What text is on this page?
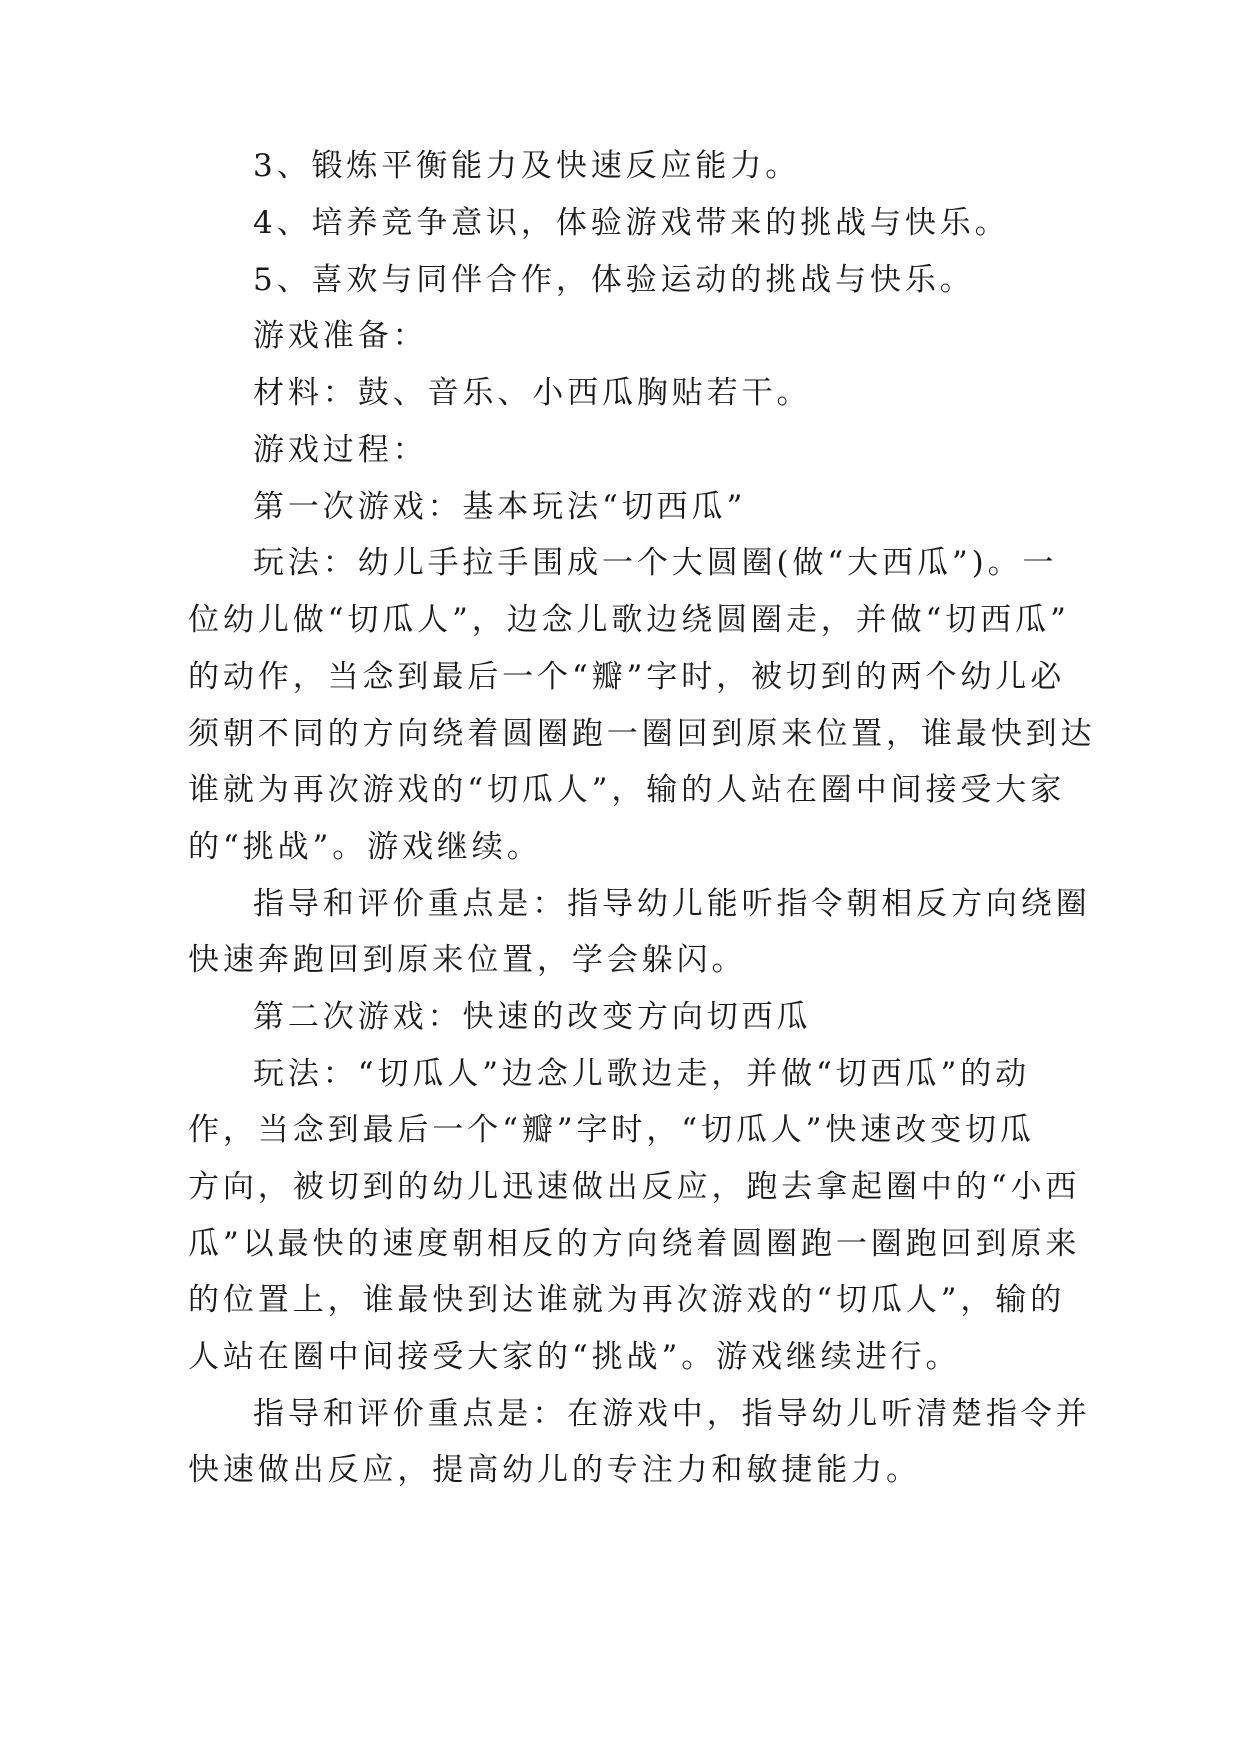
3、锻炼平衡能力及快速反应能力。
4、培养竞争意识，体验游戏带来的挑战与快乐。
5、喜欢与同伴合作，体验运动的挑战与快乐。
游戏准备：
材料：鼓、音乐、小西瓜胸贴若干。
游戏过程：
第一次游戏：基本玩法“切西瓜”
玩法：幼儿手拉手围成一个大圆圈(做“大西瓜”)。一
位幼儿做“切瓜人”，边念儿歌边绕圆圈走，并做“切西瓜”
的动作，当念到最后一个“瓣”字时，被切到的两个幼儿必
须朝不同的方向绕着圆圈跑一圈回到原来位置，谁最快到达
谁就为再次游戏的“切瓜人”，输的人站在圈中间接受大家
的“挑战”。游戏继续。
指导和评价重点是：指导幼儿能听指令朝相反方向绕圈
快速奔跑回到原来位置，学会躲闪。
第二次游戏：快速的改变方向切西瓜
玩法：“切瓜人”边念儿歌边走，并做“切西瓜”的动
作，当念到最后一个“瓣”字时，“切瓜人”快速改变切瓜
方向，被切到的幼儿迅速做出反应，跑去拿起圈中的“小西
瓜”以最快的速度朝相反的方向绕着圆圈跑一圈跑回到原来
的位置上，谁最快到达谁就为再次游戏的“切瓜人”，输的
人站在圈中间接受大家的“挑战”。游戏继续进行。
指导和评价重点是：在游戏中，指导幼儿听清楚指令并
快速做出反应，提高幼儿的专注力和敏捷能力。
